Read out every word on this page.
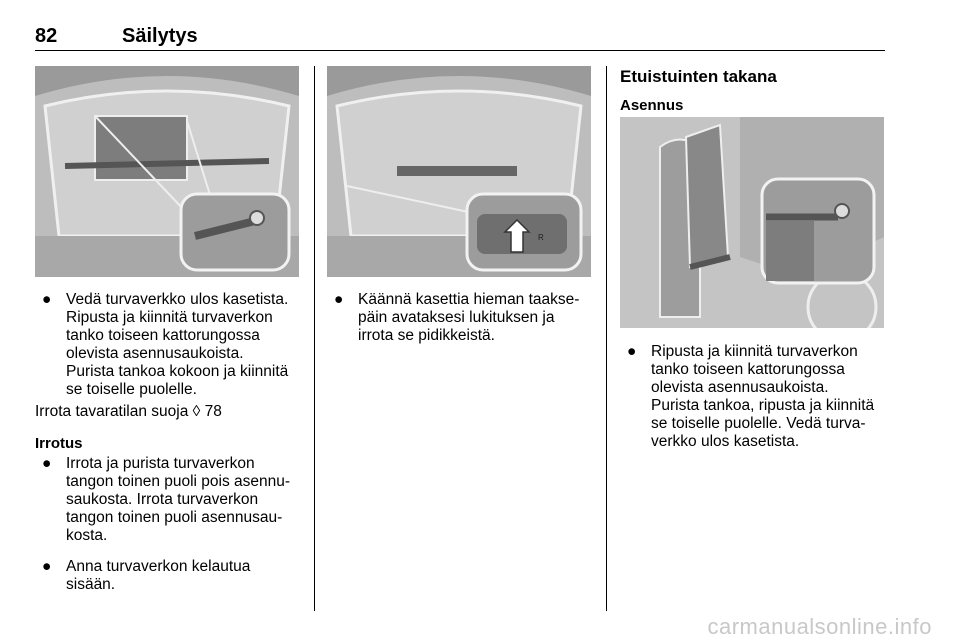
82	Säilytys
R
● Vedä turvaverkko ulos kasetista.
Ripusta ja kiinnitä turvaverkon
tanko toiseen kattorungossa
olevista asennusaukoista.
Purista tankoa kokoon ja kiinnitä
se toiselle puolelle.
Irrota tavaratilan suoja ◊ 78
Irrotus
● Irrota ja purista turvaverkon
tangon toinen puoli pois asennu-
saukosta. Irrota turvaverkon
tangon toinen puoli asennusau-
kosta.
● Anna turvaverkon kelautua
sisään.
● Käännä kasettia hieman taakse-
päin avataksesi lukituksen ja
irrota se pidikkeistä.
Etuistuinten takana
Asennus
● Ripusta ja kiinnitä turvaverkon
tanko toiseen kattorungossa
olevista asennusaukoista.
Purista tankoa, ripusta ja kiinnitä
se toiselle puolelle. Vedä turva-
verkko ulos kasetista.
carmanualsonline.info
